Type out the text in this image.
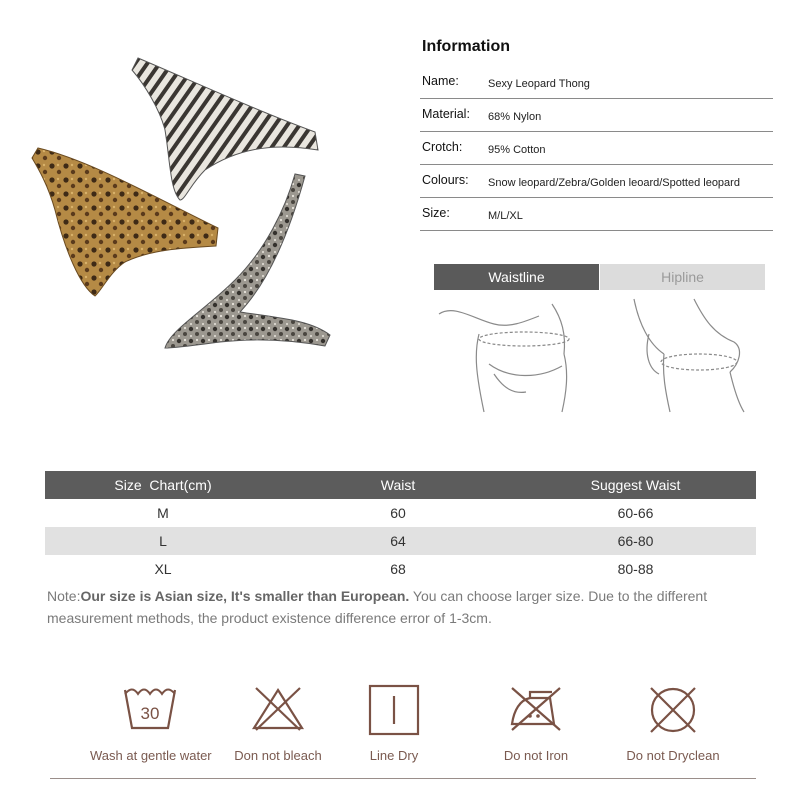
Information
Name:	Sexy Leopard Thong
Material: 68% Nylon
Crotch: 95% Cotton
Colours: Snow leopard/Zebra/Golden leoard/Spotted leopard
Size:	M/L/XL
Waistline	Hipline
Size  Chart(cm)	Waist	Suggest Waist
M	60	60-66
L	64	66-80
XL	68	80-88
Note:Our size is Asian size, It's smaller than European. You can choose larger size. Due to the different measurement methods, the product existence difference error of 1-3cm.
30
Wash at gentle water	Don not bleach	Line Dry	Do not Iron	Do not Dryclean
